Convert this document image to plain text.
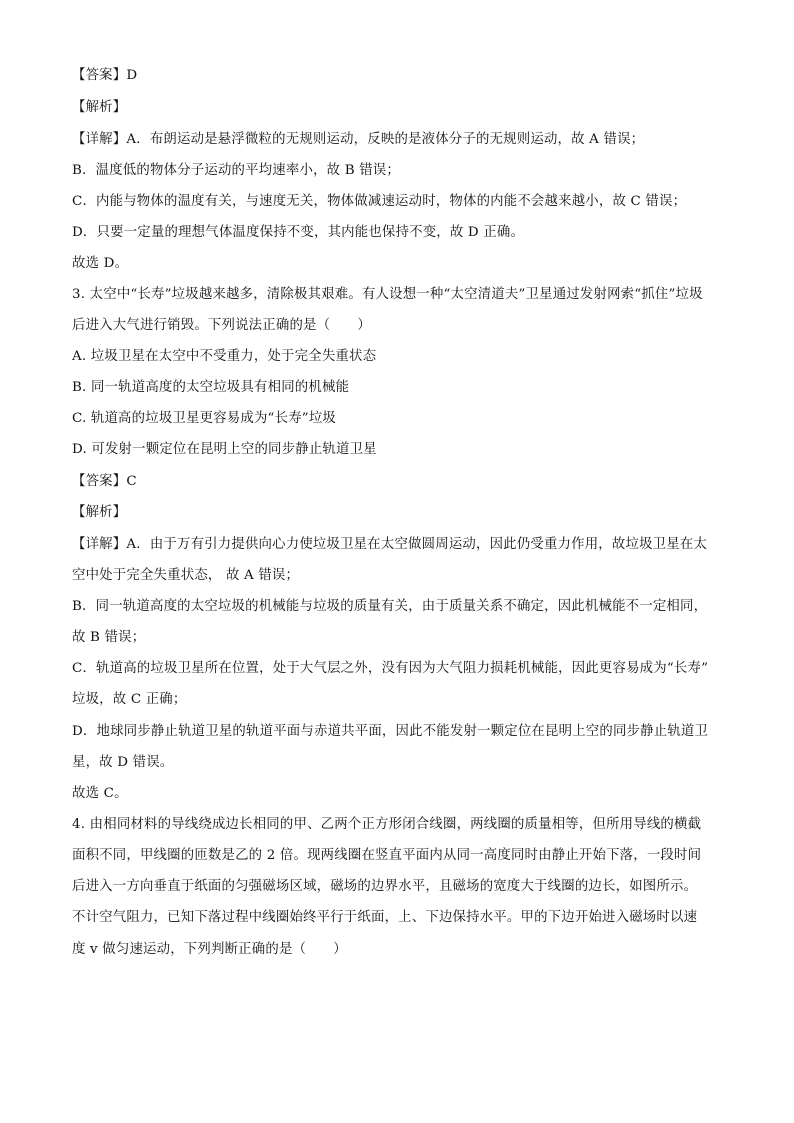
【答案】D
【解析】
【详解】A．布朗运动是悬浮微粒的无规则运动，反映的是液体分子的无规则运动，故 A 错误；
B．温度低的物体分子运动的平均速率小，故 B 错误；
C．内能与物体的温度有关，与速度无关，物体做减速运动时，物体的内能不会越来越小，故 C 错误；
D．只要一定量的理想气体温度保持不变，其内能也保持不变，故 D 正确。
故选 D。
3. 太空中“长寿”垃圾越来越多，清除极其艰难。有人设想一种“太空清道夫”卫星通过发射网索“抓住”垃圾
后进入大气进行销毁。下列说法正确的是（　　）
A. 垃圾卫星在太空中不受重力，处于完全失重状态
B. 同一轨道高度的太空垃圾具有相同的机械能
C. 轨道高的垃圾卫星更容易成为“长寿”垃圾
D. 可发射一颗定位在昆明上空的同步静止轨道卫星
【答案】C
【解析】
【详解】A．由于万有引力提供向心力使垃圾卫星在太空做圆周运动，因此仍受重力作用，故垃圾卫星在太
空中处于完全失重状态， 故 A 错误；
B．同一轨道高度的太空垃圾的机械能与垃圾的质量有关，由于质量关系不确定，因此机械能不一定相同，
故 B 错误；
C．轨道高的垃圾卫星所在位置，处于大气层之外，没有因为大气阻力损耗机械能，因此更容易成为“长寿”
垃圾，故 C 正确；
D．地球同步静止轨道卫星的轨道平面与赤道共平面，因此不能发射一颗定位在昆明上空的同步静止轨道卫
星，故 D 错误。
故选 C。
4. 由相同材料的导线绕成边长相同的甲、乙两个正方形闭合线圈，两线圈的质量相等，但所用导线的横截
面积不同，甲线圈的匝数是乙的 2 倍。现两线圈在竖直平面内从同一高度同时由静止开始下落，一段时间
后进入一方向垂直于纸面的匀强磁场区域，磁场的边界水平，且磁场的宽度大于线圈的边长，如图所示。
不计空气阻力，已知下落过程中线圈始终平行于纸面，上、下边保持水平。甲的下边开始进入磁场时以速
度 v 做匀速运动，下列判断正确的是（　　）
